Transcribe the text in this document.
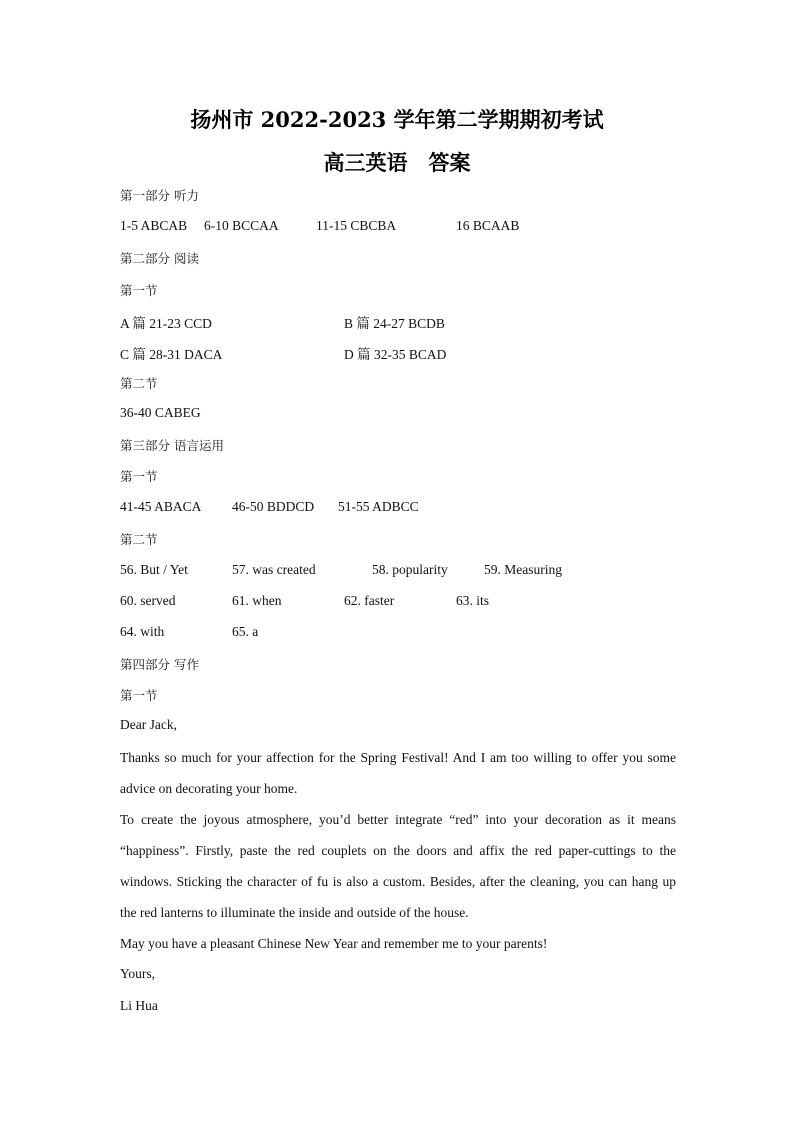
扬州市 2022-2023 学年第二学期期初考试
高三英语　答案
第一部分 听力
1-5 ABCAB 6-10 BCCAA	11-15 CBCBA	16 BCAAB
第二部分 阅读
第一节
A 篇 21-23 CCD	B 篇 24-27 BCDB
C 篇 28-31 DACA	D 篇 32-35 BCAD
第二节
36-40 CABEG
第三部分 语言运用
第一节
41-45 ABACA 46-50 BDDCD 51-55 ADBCC
第二节
56. But / Yet	57. was created	58. popularity	59. Measuring
60. served	61. when	62. faster	63. its
64. with	65. a
第四部分 写作
第一节
Dear Jack,
Thanks so much for your affection for the Spring Festival! And I am too willing to offer you some advice on decorating your home.
To create the joyous atmosphere, you’d better integrate “red” into your decoration as it means “happiness”. Firstly, paste the red couplets on the doors and affix the red paper-cuttings to the windows. Sticking the character of fu is also a custom. Besides, after the cleaning, you can hang up the red lanterns to illuminate the inside and outside of the house.
May you have a pleasant Chinese New Year and remember me to your parents!
Yours,
Li Hua
